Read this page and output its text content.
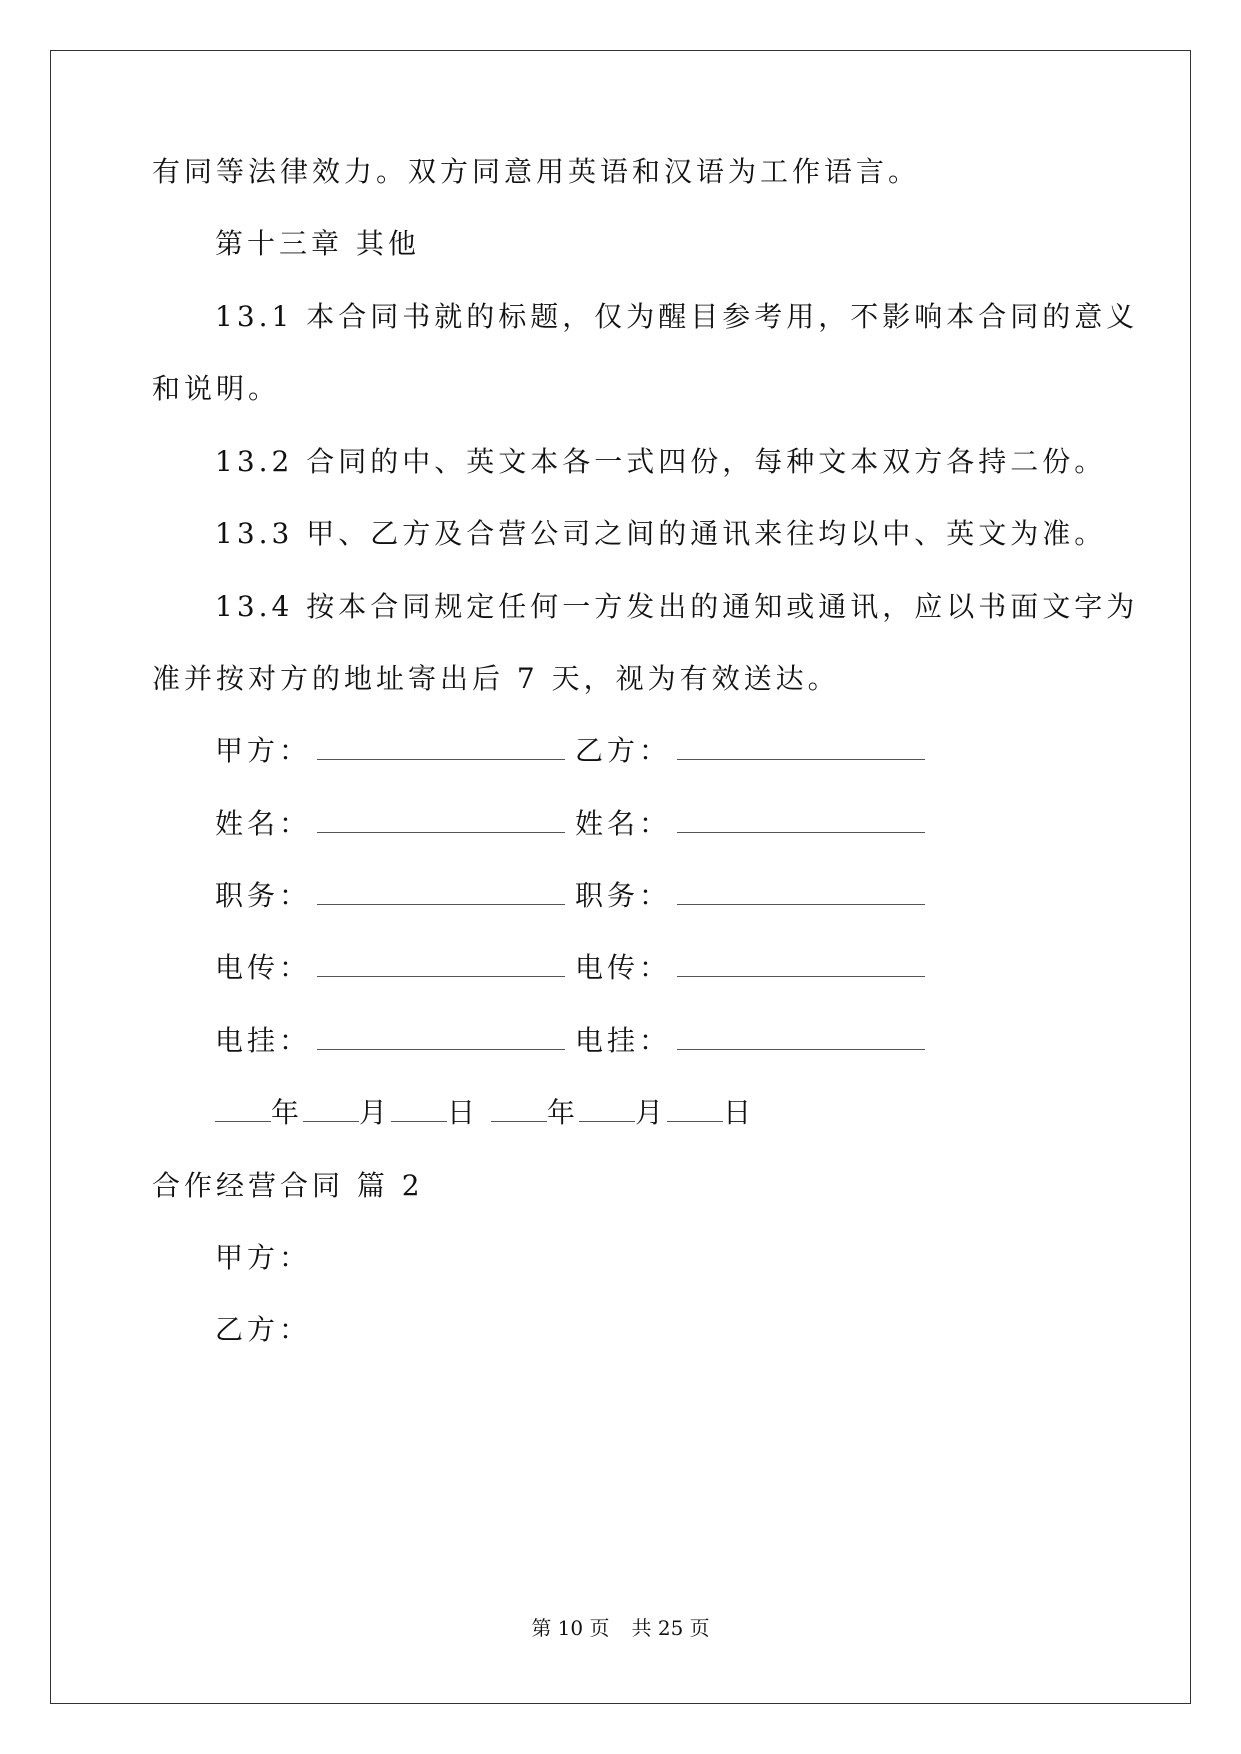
有同等法律效力。双方同意用英语和汉语为工作语言。
第十三章 其他
13.1 本合同书就的标题，仅为醒目参考用，不影响本合同的意义
和说明。
13.2 合同的中、英文本各一式四份，每种文本双方各持二份。
13.3 甲、乙方及合营公司之间的通讯来往均以中、英文为准。
13.4 按本合同规定任何一方发出的通知或通讯，应以书面文字为
准并按对方的地址寄出后 7 天，视为有效送达。
甲方：	乙方：
姓名：	姓名：
职务：	职务：
电传：	电传：
电挂：	电挂：
年 月 日 年 月 日
合作经营合同 篇 2
甲方：
乙方：
第 10 页 共 25 页
